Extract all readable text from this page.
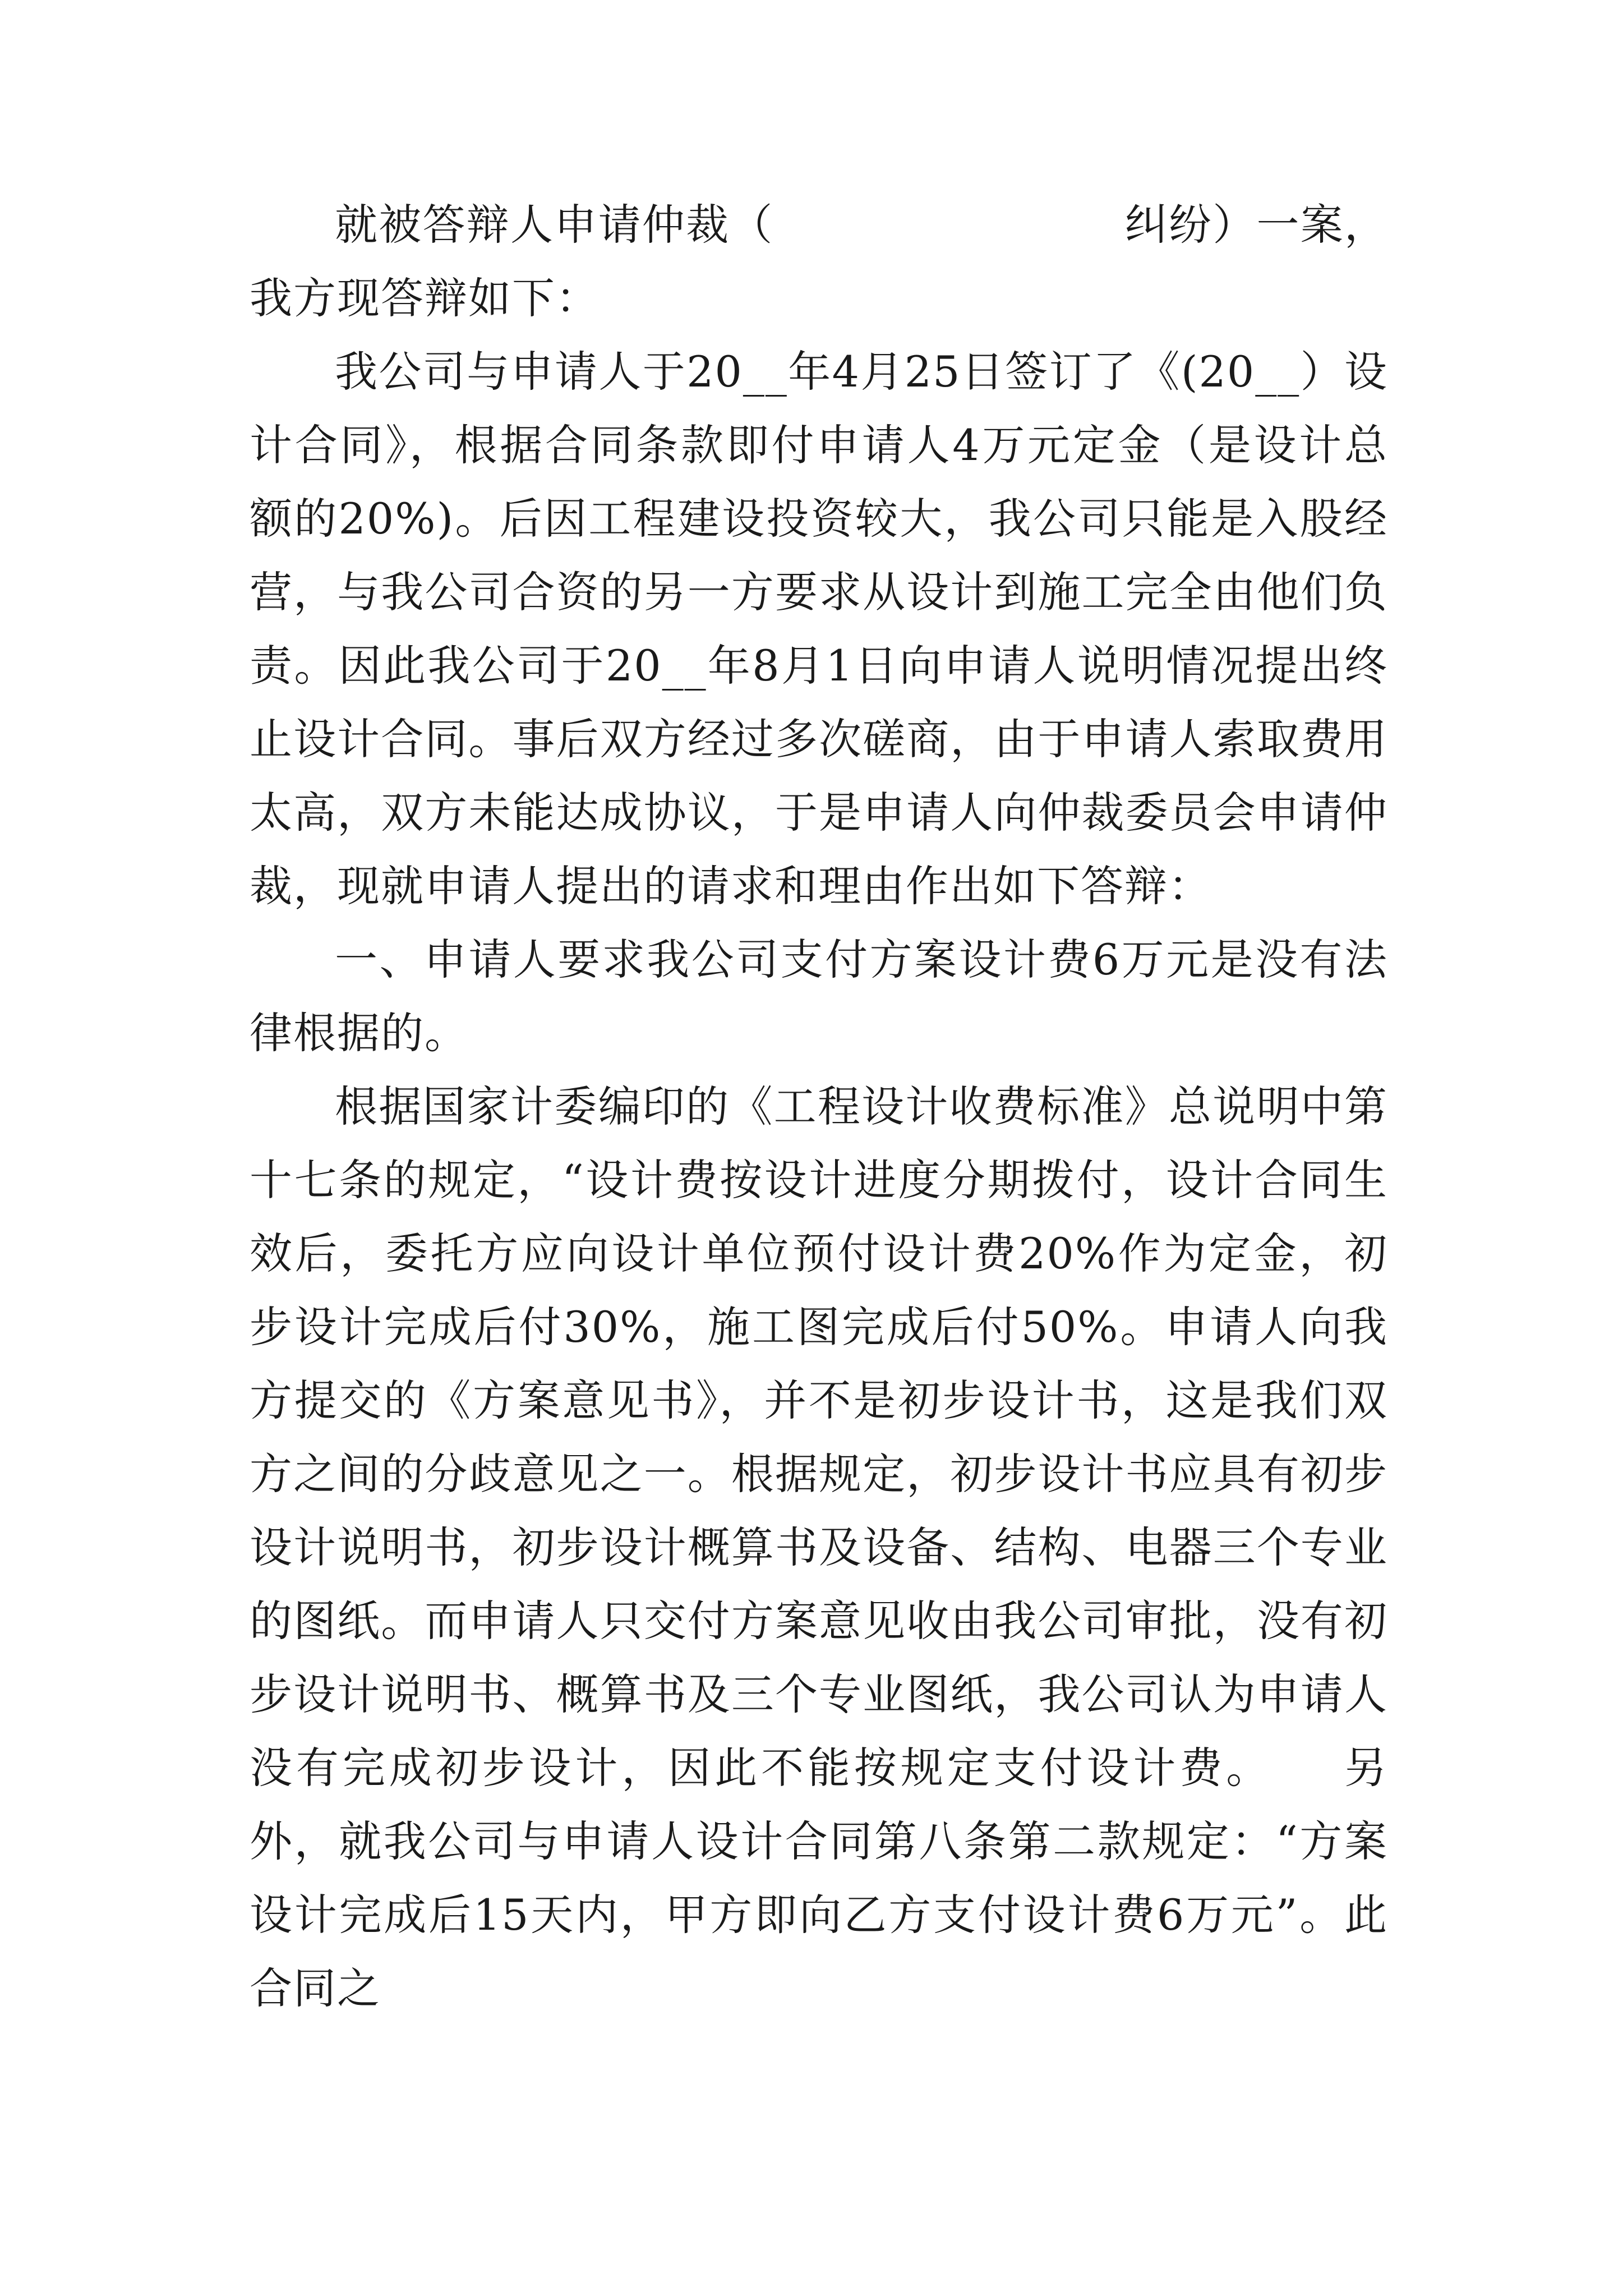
就被答辩人申请仲裁（　　　　　　　　纠纷）一案，我方现答辩如下：

我公司与申请人于20__年4月25日签订了《(20__）设计合同》，根据合同条款即付申请人4万元定金（是设计总额的20%)。后因工程建设投资较大，我公司只能是入股经营，与我公司合资的另一方要求从设计到施工完全由他们负责。因此我公司于20__年8月1日向申请人说明情况提出终止设计合同。事后双方经过多次磋商，由于申请人索取费用太高，双方未能达成协议，于是申请人向仲裁委员会申请仲裁，现就申请人提出的请求和理由作出如下答辩：

一、申请人要求我公司支付方案设计费6万元是没有法律根据的。

根据国家计委编印的《工程设计收费标准》总说明中第十七条的规定，“设计费按设计进度分期拨付，设计合同生效后，委托方应向设计单位预付设计费20%作为定金，初步设计完成后付30%，施工图完成后付50%。申请人向我方提交的《方案意见书》，并不是初步设计书，这是我们双方之间的分歧意见之一。根据规定，初步设计书应具有初步设计说明书，初步设计概算书及设备、结构、电器三个专业的图纸。而申请人只交付方案意见收由我公司审批，没有初步设计说明书、概算书及三个专业图纸，我公司认为申请人没有完成初步设计，因此不能按规定支付设计费。　　另外，就我公司与申请人设计合同第八条第二款规定：“方案设计完成后15天内，甲方即向乙方支付设计费6万元”。此合同之
